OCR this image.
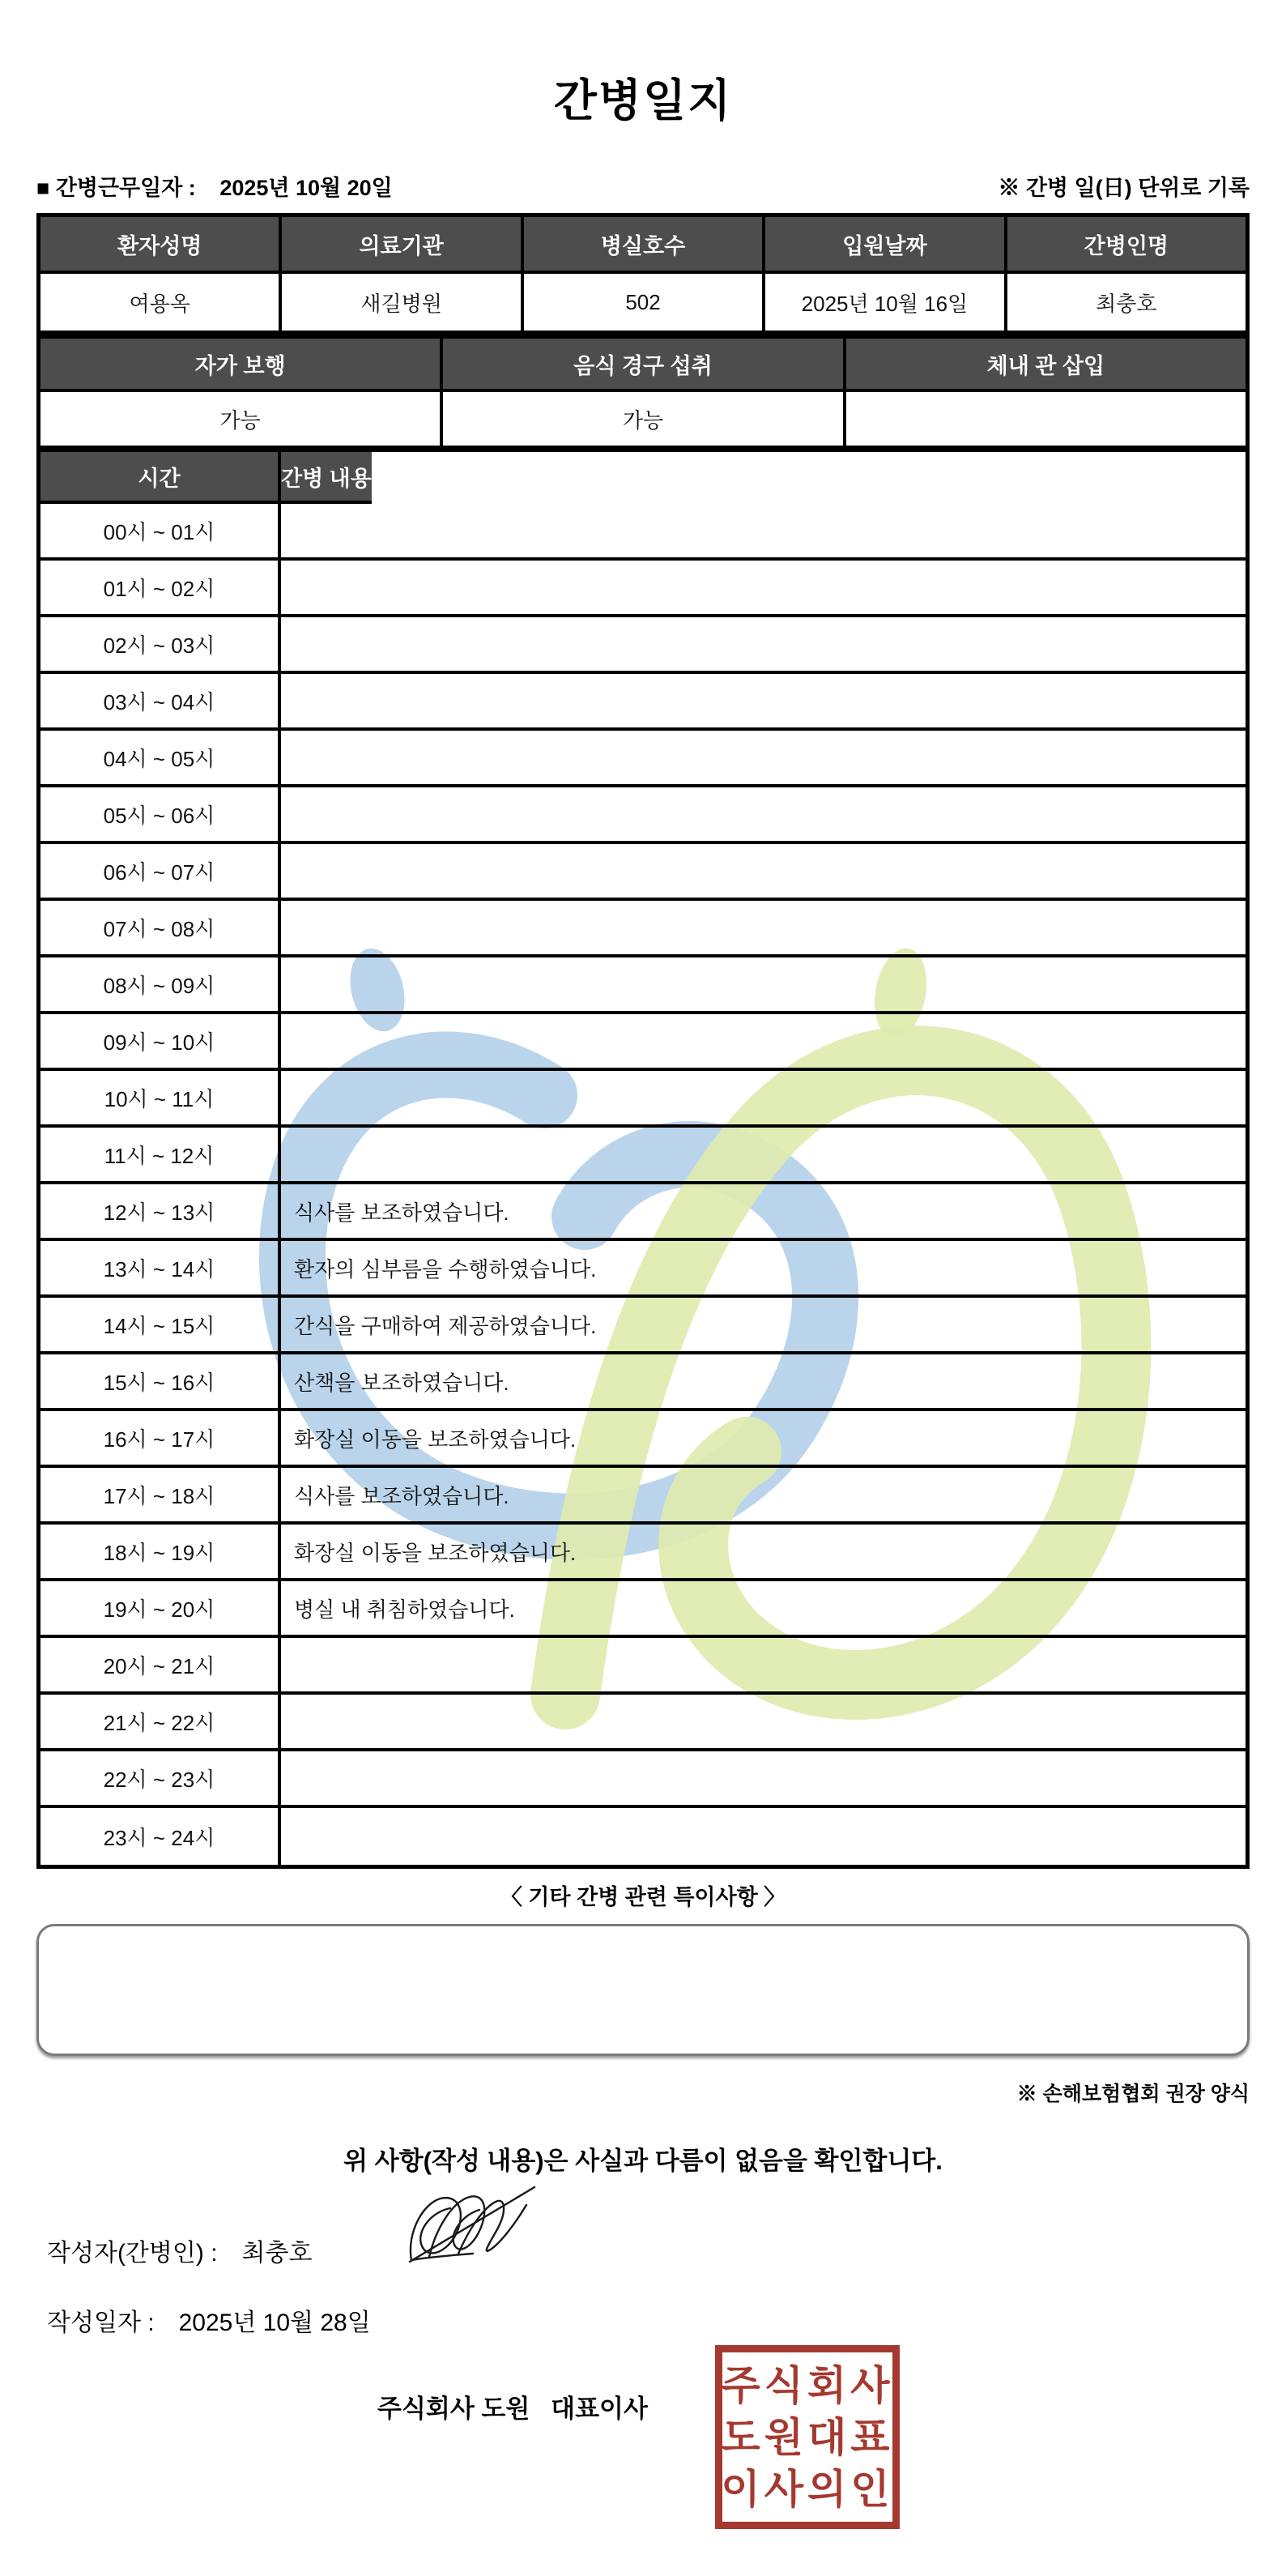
간병일지
■ 간병근무일자 : 2025년 10월 20일	※ 간병 일(日) 단위로 기록
환자성명	의료기관	병실호수	입원날짜	간병인명
여용옥	새길병원	502	2025년 10월 16일	최충호
자가 보행	음식 경구 섭취	체내 관 삽입
가능	가능
시간	간병 내용
00시 ~ 01시
01시 ~ 02시
02시 ~ 03시
03시 ~ 04시
04시 ~ 05시
05시 ~ 06시
06시 ~ 07시
07시 ~ 08시
08시 ~ 09시
09시 ~ 10시
10시 ~ 11시
11시 ~ 12시
12시 ~ 13시	식사를 보조하였습니다.
13시 ~ 14시	환자의 심부름을 수행하였습니다.
14시 ~ 15시	간식을 구매하여 제공하였습니다.
15시 ~ 16시	산책을 보조하였습니다.
16시 ~ 17시	화장실 이동을 보조하였습니다.
17시 ~ 18시	식사를 보조하였습니다.
18시 ~ 19시	화장실 이동을 보조하였습니다.
19시 ~ 20시	병실 내 취침하였습니다.
20시 ~ 21시
21시 ~ 22시
22시 ~ 23시
23시 ~ 24시
〈 기타 간병 관련 특이사항 〉
※ 손해보험협회 권장 양식
위 사항(작성 내용)은 사실과 다름이 없음을 확인합니다.
작성자(간병인) : 최충호
작성일자 : 2025년 10월 28일
주식회사 도원   대표이사
주식회사
도원대표
이사의인
